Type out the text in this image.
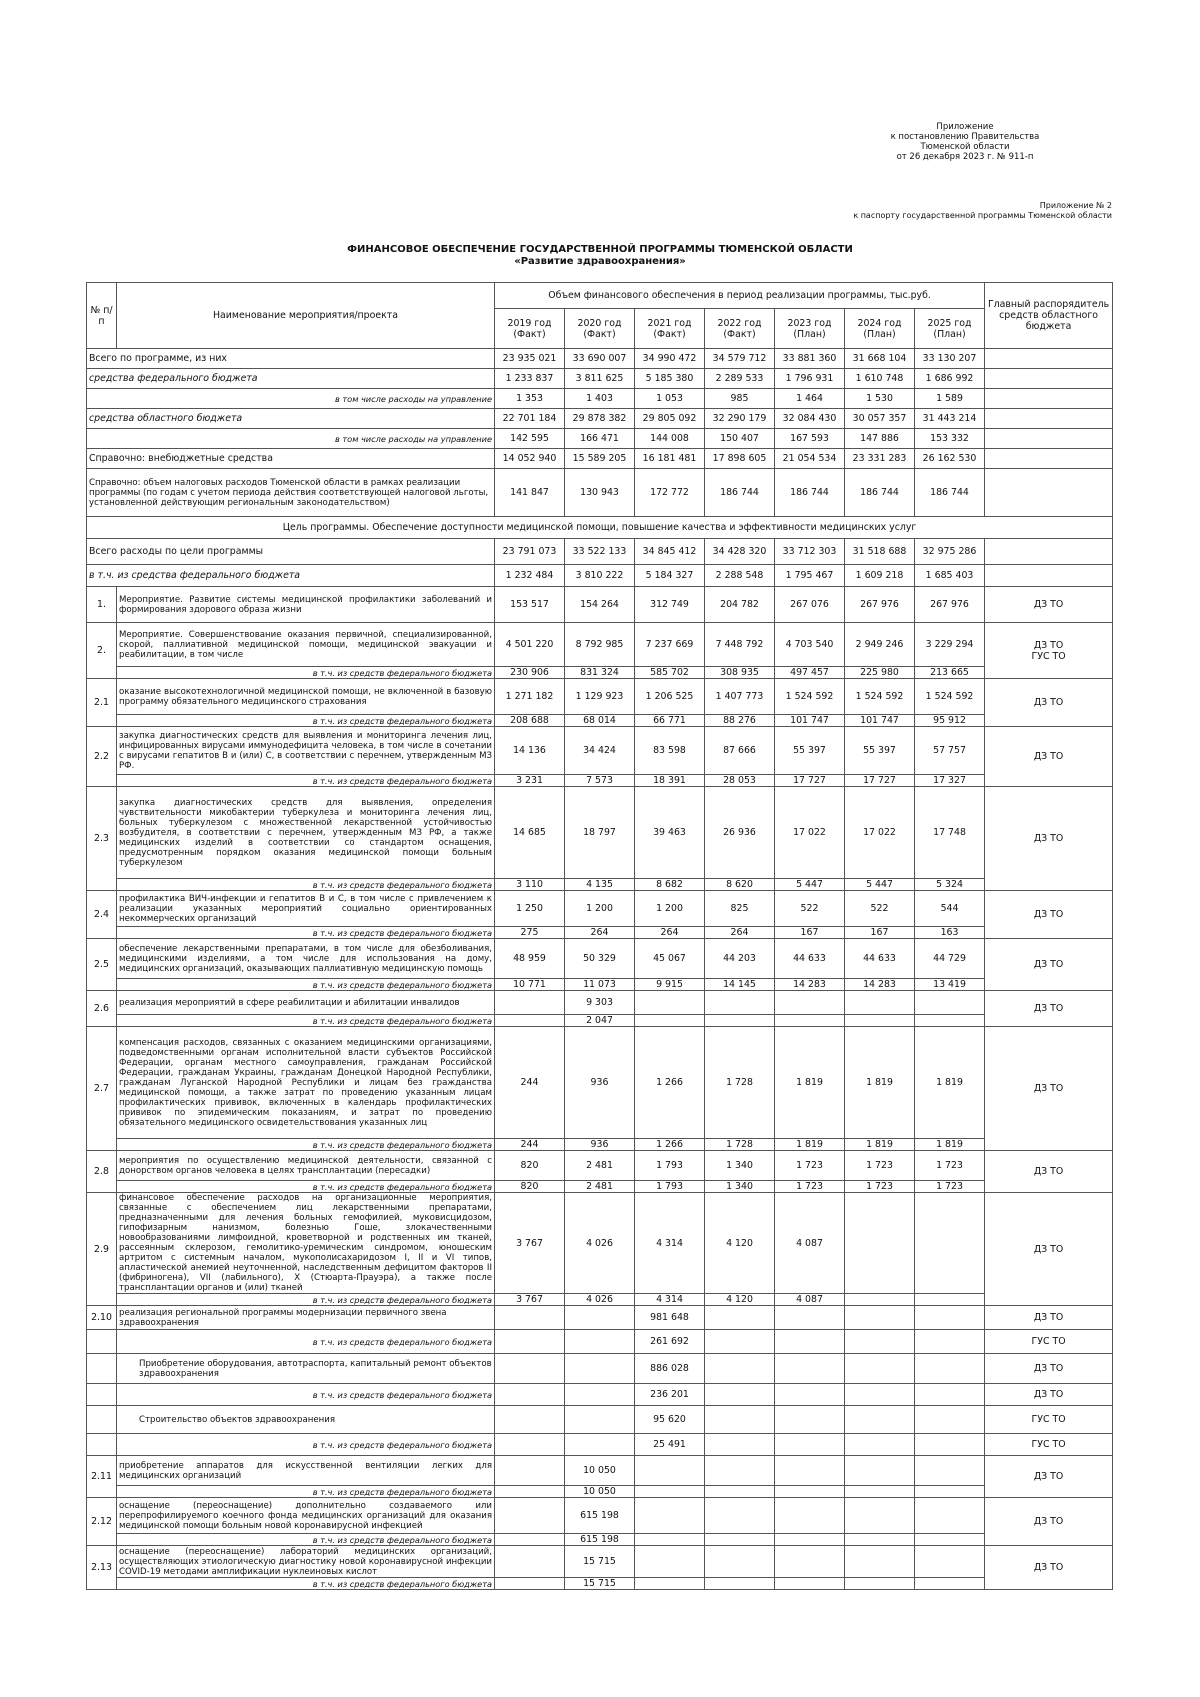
Приложение
к постановлению Правительства
Тюменской области
от 26 декабря 2023 г. № 911-п
Приложение № 2
к паспорту государственной программы Тюменской области
ФИНАНСОВОЕ ОБЕСПЕЧЕНИЕ ГОСУДАРСТВЕННОЙ ПРОГРАММЫ ТЮМЕНСКОЙ ОБЛАСТИ
«Развитие здравоохранения»
№ п/п	Наименование мероприятия/проекта	Объем финансового обеспечения в период реализации программы, тыс.руб.							Главный распорядитель средств областного бюджета
		2019 год (Факт)	2020 год (Факт)	2021 год (Факт)	2022 год (Факт)	2023 год (План)	2024 год (План)	2025 год (План)	
Всего по программе, из них		23 935 021	33 690 007	34 990 472	34 579 712	33 881 360	31 668 104	33 130 207	
средства федерального бюджета		1 233 837	3 811 625	5 185 380	2 289 533	1 796 931	1 610 748	1 686 992	
в том числе расходы на управление		1 353	1 403	1 053	985	1 464	1 530	1 589	
средства областного бюджета		22 701 184	29 878 382	29 805 092	32 290 179	32 084 430	30 057 357	31 443 214	
в том числе расходы на управление		142 595	166 471	144 008	150 407	167 593	147 886	153 332	
Справочно: внебюджетные средства		14 052 940	15 589 205	16 181 481	17 898 605	21 054 534	23 331 283	26 162 530	
Справочно: объем налоговых расходов Тюменской области в рамках реализации программы (по годам с учетом периода действия соответствующей налоговой льготы, установленной действующим региональным законодательством)		141 847	130 943	172 772	186 744	186 744	186 744	186 744	
Цель программы. Обеспечение доступности медицинской помощи, повышение качества и эффективности медицинских услуг									
Всего расходы по цели программы		23 791 073	33 522 133	34 845 412	34 428 320	33 712 303	31 518 688	32 975 286	
в т.ч. из средства федерального бюджета		1 232 484	3 810 222	5 184 327	2 288 548	1 795 467	1 609 218	1 685 403	
1.	Мероприятие. Развитие системы медицинской профилактики заболеваний и формирования здорового образа жизни	153 517	154 264	312 749	204 782	267 076	267 976	267 976	ДЗ ТО

2.	Мероприятие. Совершенствование оказания первичной, специализированной, скорой, паллиативной медицинской помощи, медицинской эвакуации и реабилитации, в том числе	4 501 220	8 792 985	7 237 669	7 448 792	4 703 540	2 949 246	3 229 294	ДЗ ТО
ГУС ТО

	в т.ч. из средств федерального бюджета	230 906	831 324	585 702	308 935	497 457	225 980	213 665	
2.1	оказание высокотехнологичной медицинской помощи, не включенной в базовую программу обязательного медицинского страхования	1 271 182	1 129 923	1 206 525	1 407 773	1 524 592	1 524 592	1 524 592	ДЗ ТО

	в т.ч. из средств федерального бюджета	208 688	68 014	66 771	88 276	101 747	101 747	95 912	
2.2	закупка диагностических средств для выявления и мониторинга лечения лиц, инфицированных вирусами иммунодефицита человека, в том числе в сочетании с вирусами гепатитов В и (или) С, в соответствии с перечнем, утвержденным МЗ РФ.	14 136	34 424	83 598	87 666	55 397	55 397	57 757	ДЗ ТО

	в т.ч. из средств федерального бюджета	3 231	7 573	18 391	28 053	17 727	17 727	17 327	
2.3	закупка диагностических средств для выявления, определения чувствительности микобактерии туберкулеза и мониторинга лечения лиц, больных туберкулезом с множественной лекарственной устойчивостью возбудителя, в соответствии с перечнем, утвержденным МЗ РФ, а также медицинских изделий в соответствии со стандартом оснащения, предусмотренным порядком оказания медицинской помощи больным туберкулезом	14 685	18 797	39 463	26 936	17 022	17 022	17 748	ДЗ ТО

	в т.ч. из средств федерального бюджета	3 110	4 135	8 682	8 620	5 447	5 447	5 324	
2.4	профилактика ВИЧ-инфекции и гепатитов В и С, в том числе с привлечением к реализации указанных мероприятий социально ориентированных некоммерческих организаций	1 250	1 200	1 200	825	522	522	544	ДЗ ТО

	в т.ч. из средств федерального бюджета	275	264	264	264	167	167	163	
2.5	обеспечение лекарственными препаратами, в том числе для обезболивания, медицинскими изделиями, а том числе для использования на дому, медицинских организаций, оказывающих паллиативную медицинскую помощь	48 959	50 329	45 067	44 203	44 633	44 633	44 729	ДЗ ТО

	в т.ч. из средств федерального бюджета	10 771	11 073	9 915	14 145	14 283	14 283	13 419	
2.6	реализация мероприятий в сфере реабилитации и абилитации инвалидов		9 303						ДЗ ТО

	в т.ч. из средств федерального бюджета		2 047						
2.7	компенсация расходов, связанных с оказанием медицинскими организациями, подведомственными органам исполнительной власти субъектов Российской Федерации, органам местного самоуправления, гражданам Российской Федерации, гражданам Украины, гражданам Донецкой Народной Республики, гражданам Луганской Народной Республики и лицам без гражданства медицинской помощи, а также затрат по проведению указанным лицам профилактических прививок, включенных в календарь профилактических прививок по эпидемическим показаниям, и затрат по проведению обязательного медицинского освидетельствования указанных лиц	244	936	1 266	1 728	1 819	1 819	1 819	ДЗ ТО

	в т.ч. из средств федерального бюджета	244	936	1 266	1 728	1 819	1 819	1 819	
2.8	мероприятия по осуществлению медицинской деятельности, связанной с донорством органов человека в целях трансплантации (пересадки)	820	2 481	1 793	1 340	1 723	1 723	1 723	ДЗ ТО

	в т.ч. из средств федерального бюджета	820	2 481	1 793	1 340	1 723	1 723	1 723	
2.9	финансовое обеспечение расходов на организационные мероприятия, связанные с обеспечением лиц лекарственными препаратами, предназначенными для лечения больных гемофилией, муковисцидозом, гипофизарным нанизмом, болезнью Гоше, злокачественными новообразованиями лимфоидной, кроветворной и родственных им тканей, рассеянным склерозом, гемолитико-уремическим синдромом, юношеским артритом с системным началом, мукополисахаридозом I, II и VI типов, апластической анемией неуточненной, наследственным дефицитом факторов II (фибриногена), VII (лабильного), X (Стюарта-Прауэра), а также после трансплантации органов и (или) тканей	3 767	4 026	4 314	4 120	4 087			ДЗ ТО

	в т.ч. из средств федерального бюджета	3 767	4 026	4 314	4 120	4 087			
2.10	реализация региональной программы модернизации первичного звена здравоохранения			981 648					ДЗ ТО
	в т.ч. из средств федерального бюджета			261 692					ГУС ТО
	Приобретение оборудования, автотраспорта, капитальный ремонт объектов здравоохранения			886 028					ДЗ ТО
	в т.ч. из средств федерального бюджета			236 201					ДЗ ТО
	Строительство объектов здравоохранения			95 620					ГУС ТО
	в т.ч. из средств федерального бюджета			25 491					ГУС ТО
2.11	приобретение аппаратов для искусственной вентиляции легких для медицинских организаций		10 050						ДЗ ТО

	в т.ч. из средств федерального бюджета		10 050						
2.12	оснащение (переоснащение) дополнительно создаваемого или перепрофилируемого коечного фонда медицинских организаций для оказания медицинской помощи больным новой коронавирусной инфекцией		615 198						ДЗ ТО

	в т.ч. из средств федерального бюджета		615 198						
2.13	оснащение (переоснащение) лабораторий медицинских организаций, осуществляющих этиологическую диагностику новой коронавирусной инфекции COVID-19 методами амплификации нуклеиновых кислот		15 715						ДЗ ТО

	в т.ч. из средств федерального бюджета		15 715						
